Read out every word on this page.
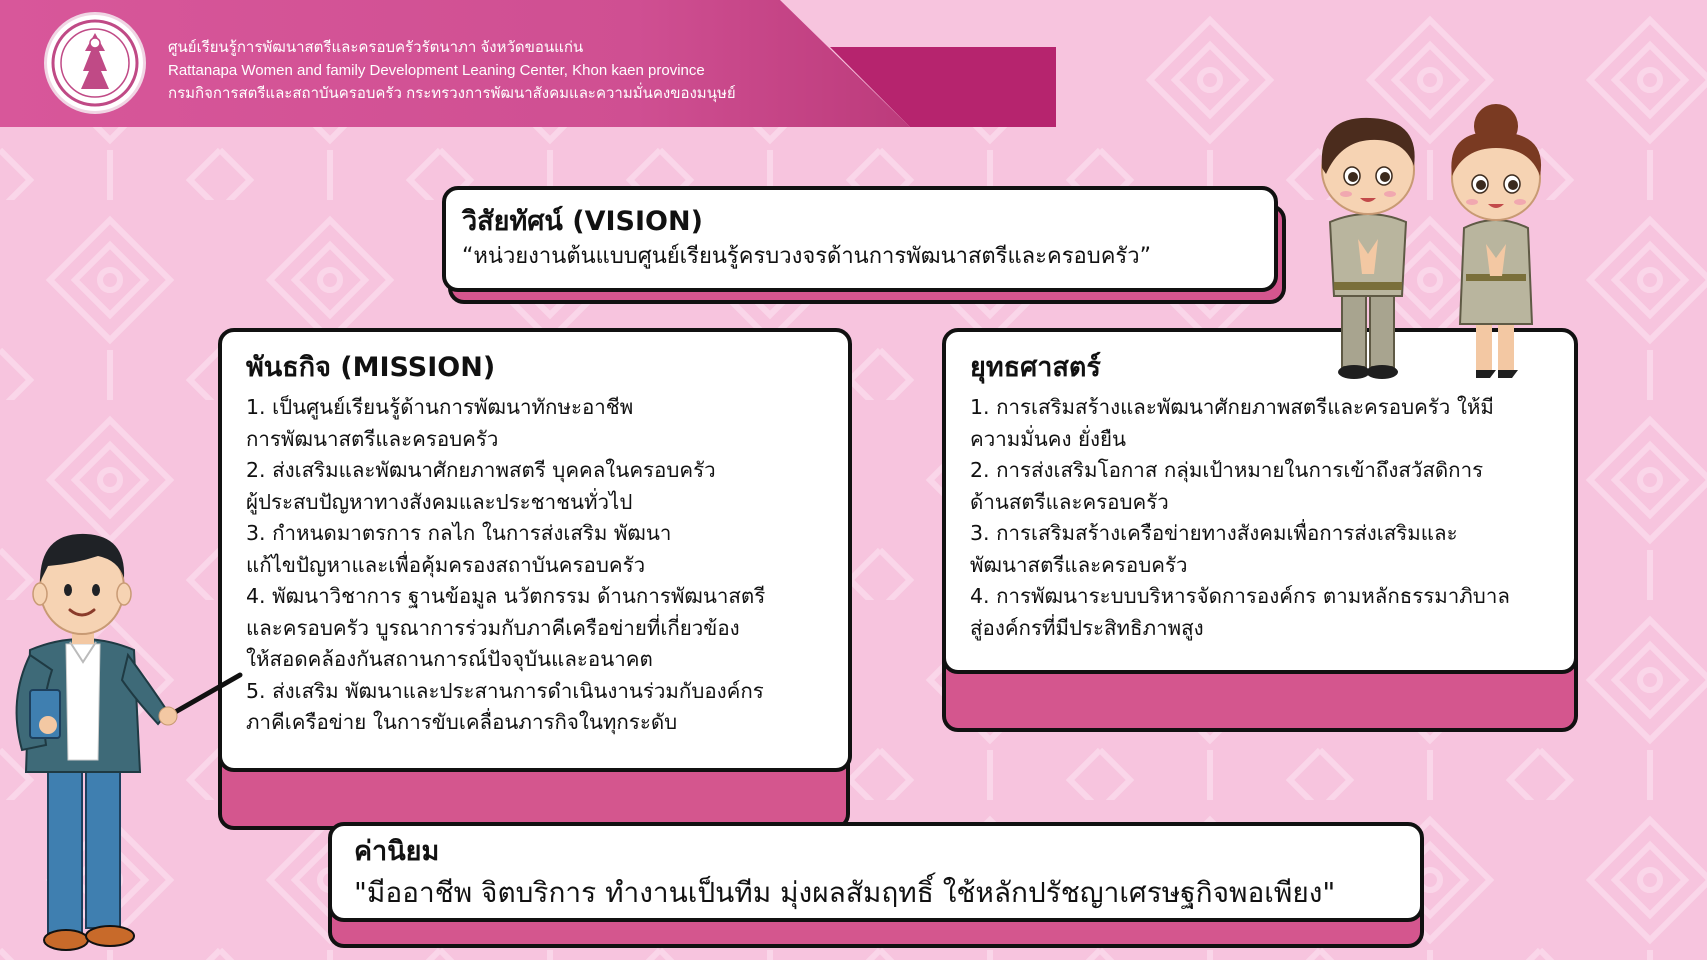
ศูนย์เรียนรู้การพัฒนาสตรีและครอบครัวรัตนาภา จังหวัดขอนแก่น
Rattanapa Women and family Development Leaning Center, Khon kaen province
กรมกิจการสตรีและสถาบันครอบครัว กระทรวงการพัฒนาสังคมและความมั่นคงของมนุษย์
วิสัยทัศน์ (VISION)

“หน่วยงานต้นแบบศูนย์เรียนรู้ครบวงจรด้านการพัฒนาสตรีและครอบครัว”

พันธกิจ (MISSION)

1. เป็นศูนย์เรียนรู้ด้านการพัฒนาทักษะอาชีพ

การพัฒนาสตรีและครอบครัว

2. ส่งเสริมและพัฒนาศักยภาพสตรี บุคคลในครอบครัว

ผู้ประสบปัญหาทางสังคมและประชาชนทั่วไป

3. กำหนดมาตรการ กลไก ในการส่งเสริม พัฒนา

แก้ไขปัญหาและเพื่อคุ้มครองสถาบันครอบครัว

4. พัฒนาวิชาการ ฐานข้อมูล นวัตกรรม ด้านการพัฒนาสตรี

และครอบครัว บูรณาการร่วมกับภาคีเครือข่ายที่เกี่ยวข้อง

ให้สอดคล้องกันสถานการณ์ปัจจุบันและอนาคต

5. ส่งเสริม พัฒนาและประสานการดำเนินงานร่วมกับองค์กร

ภาคีเครือข่าย ในการขับเคลื่อนภารกิจในทุกระดับ

ยุทธศาสตร์

1. การเสริมสร้างและพัฒนาศักยภาพสตรีและครอบครัว ให้มี

ความมั่นคง ยั่งยืน

2. การส่งเสริมโอกาส กลุ่มเป้าหมายในการเข้าถึงสวัสดิการ

ด้านสตรีและครอบครัว

3. การเสริมสร้างเครือข่ายทางสังคมเพื่อการส่งเสริมและ

พัฒนาสตรีและครอบครัว

4. การพัฒนาระบบบริหารจัดการองค์กร ตามหลักธรรมาภิบาล

สู่องค์กรที่มีประสิทธิภาพสูง

ค่านิยม

"มีออาชีพ จิตบริการ ทำงานเป็นทีม มุ่งผลสัมฤทธิ์ ใช้หลักปรัชญาเศรษฐกิจพอเพียง"
